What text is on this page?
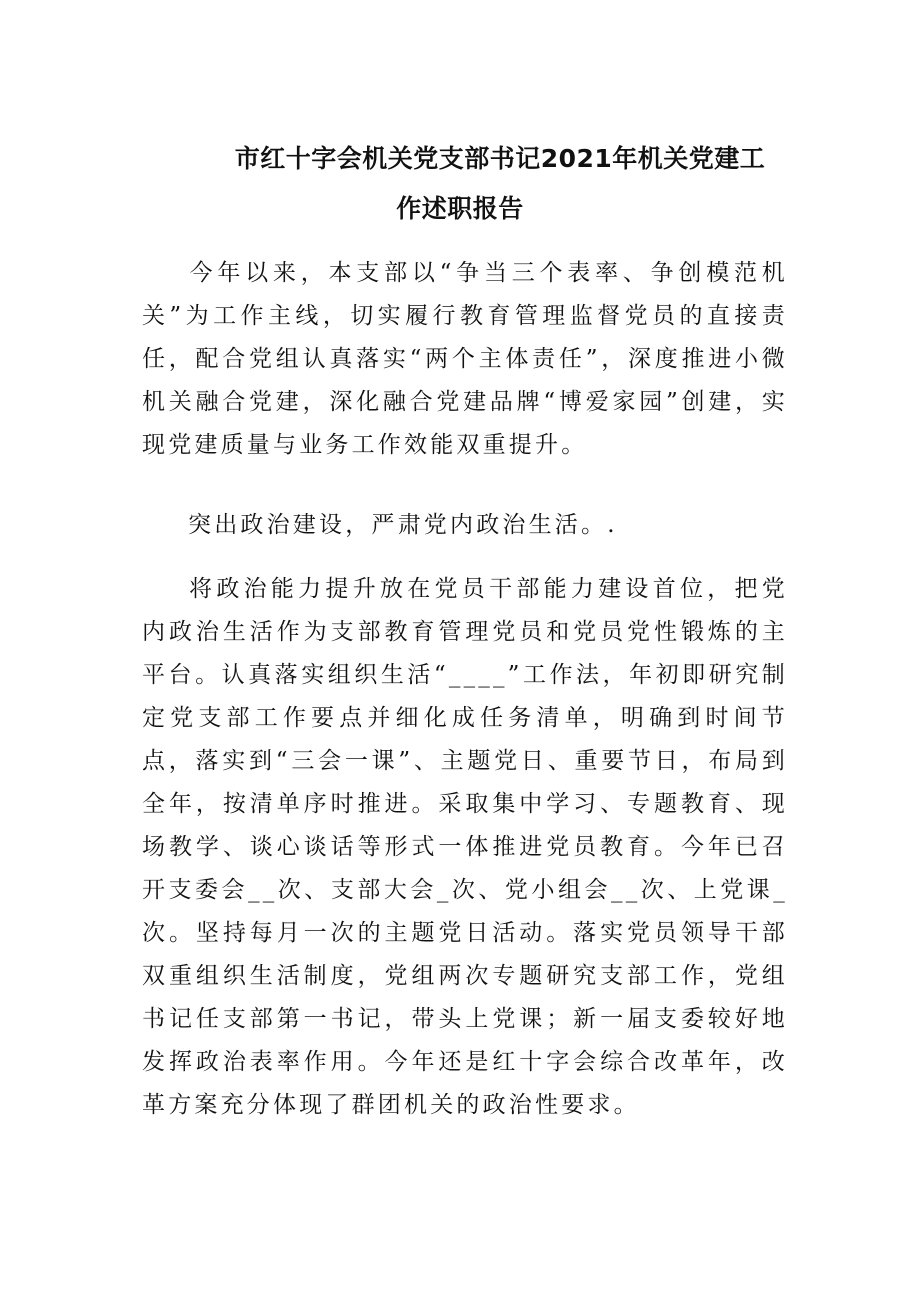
市红十字会机关党支部书记2021年机关党建工
作述职报告

今年以来，本支部以“争当三个表率、争创模范机关”为工作主线，切实履行教育管理监督党员的直接责任，配合党组认真落实“两个主体责任”，深度推进小微机关融合党建，深化融合党建品牌“博爱家园”创建，实现党建质量与业务工作效能双重提升。

突出政治建设，严肃党内政治生活。.

将政治能力提升放在党员干部能力建设首位，把党内政治生活作为支部教育管理党员和党员党性锻炼的主平台。认真落实组织生活“____”工作法，年初即研究制定党支部工作要点并细化成任务清单，明确到时间节点，落实到“三会一课”、主题党日、重要节日，布局到全年，按清单序时推进。采取集中学习、专题教育、现场教学、谈心谈话等形式一体推进党员教育。今年已召开支委会__次、支部大会_次、党小组会__次、上党课_次。坚持每月一次的主题党日活动。落实党员领导干部双重组织生活制度，党组两次专题研究支部工作，党组书记任支部第一书记，带头上党课；新一届支委较好地发挥政治表率作用。今年还是红十字会综合改革年，改革方案充分体现了群团机关的政治性要求。
